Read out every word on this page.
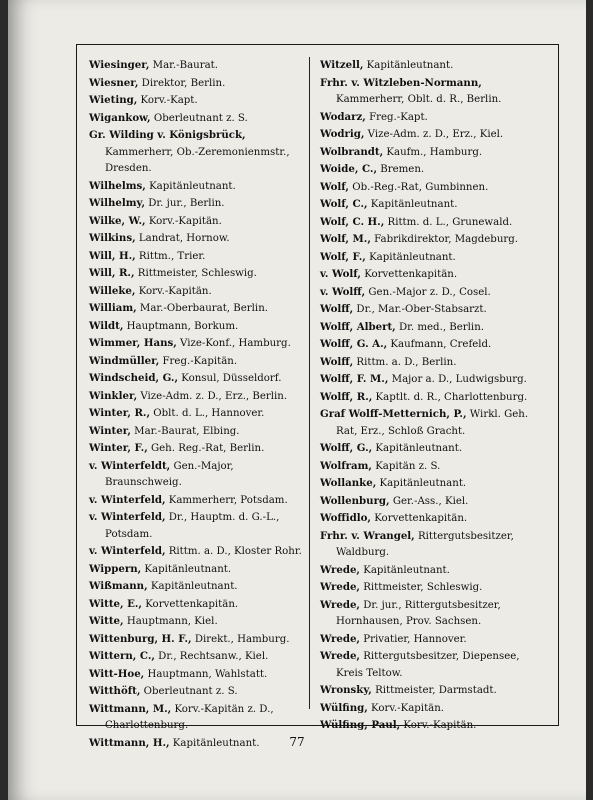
Wiesinger, Mar.-Baurat.

Wiesner, Direktor, Berlin.

Wieting, Korv.-Kapt.

Wigankow, Oberleutnant z. S.

Gr. Wilding v. Königsbrück, Kammerherr, Ob.-Zeremonienmstr., Dresden.

Wilhelms, Kapitänleutnant.

Wilhelmy, Dr. jur., Berlin.

Wilke, W., Korv.-Kapitän.

Wilkins, Landrat, Hornow.

Will, H., Rittm., Trier.

Will, R., Rittmeister, Schleswig.

Willeke, Korv.-Kapitän.

William, Mar.-Oberbaurat, Berlin.

Wildt, Hauptmann, Borkum.

Wimmer, Hans, Vize-Konf., Hamburg.

Windmüller, Freg.-Kapitän.

Windscheid, G., Konsul, Düsseldorf.

Winkler, Vize-Adm. z. D., Erz., Berlin.

Winter, R., Oblt. d. L., Hannover.

Winter, Mar.-Baurat, Elbing.

Winter, F., Geh. Reg.-Rat, Berlin.

v. Winterfeldt, Gen.-Major, Braunschweig.

v. Winterfeld, Kammerherr, Potsdam.

v. Winterfeld, Dr., Hauptm. d. G.-L., Potsdam.

v. Winterfeld, Rittm. a. D., Kloster Rohr.

Wippern, Kapitänleutnant.

Wißmann, Kapitänleutnant.

Witte, E., Korvettenkapitän.

Witte, Hauptmann, Kiel.

Wittenburg, H. F., Direkt., Hamburg.

Wittern, C., Dr., Rechtsanw., Kiel.

Witt-Hoe, Hauptmann, Wahlstatt.

Witthöft, Oberleutnant z. S.

Wittmann, M., Korv.-Kapitän z. D., Charlottenburg.

Wittmann, H., Kapitänleutnant.

Witzell, Kapitänleutnant.

Frhr. v. Witzleben-Normann, Kammerherr, Oblt. d. R., Berlin.

Wodarz, Freg.-Kapt.

Wodrig, Vize-Adm. z. D., Erz., Kiel.

Wolbrandt, Kaufm., Hamburg.

Woide, C., Bremen.

Wolf, Ob.-Reg.-Rat, Gumbinnen.

Wolf, C., Kapitänleutnant.

Wolf, C. H., Rittm. d. L., Grunewald.

Wolf, M., Fabrikdirektor, Magdeburg.

Wolf, F., Kapitänleutnant.

v. Wolf, Korvettenkapitän.

v. Wolff, Gen.-Major z. D., Cosel.

Wolff, Dr., Mar.-Ober-Stabsarzt.

Wolff, Albert, Dr. med., Berlin.

Wolff, G. A., Kaufmann, Crefeld.

Wolff, Rittm. a. D., Berlin.

Wolff, F. M., Major a. D., Ludwigsburg.

Wolff, R., Kaptlt. d. R., Charlottenburg.

Graf Wolff-Metternich, P., Wirkl. Geh. Rat, Erz., Schloß Gracht.

Wolff, G., Kapitänleutnant.

Wolfram, Kapitän z. S.

Wollanke, Kapitänleutnant.

Wollenburg, Ger.-Ass., Kiel.

Woffidlo, Korvettenkapitän.

Frhr. v. Wrangel, Rittergutsbesitzer, Waldburg.

Wrede, Kapitänleutnant.

Wrede, Rittmeister, Schleswig.

Wrede, Dr. jur., Rittergutsbesitzer, Hornhausen, Prov. Sachsen.

Wrede, Privatier, Hannover.

Wrede, Rittergutsbesitzer, Diepensee, Kreis Teltow.

Wronsky, Rittmeister, Darmstadt.

Wülfing, Korv.-Kapitän.

Wülfing, Paul, Korv.-Kapitän.

77
